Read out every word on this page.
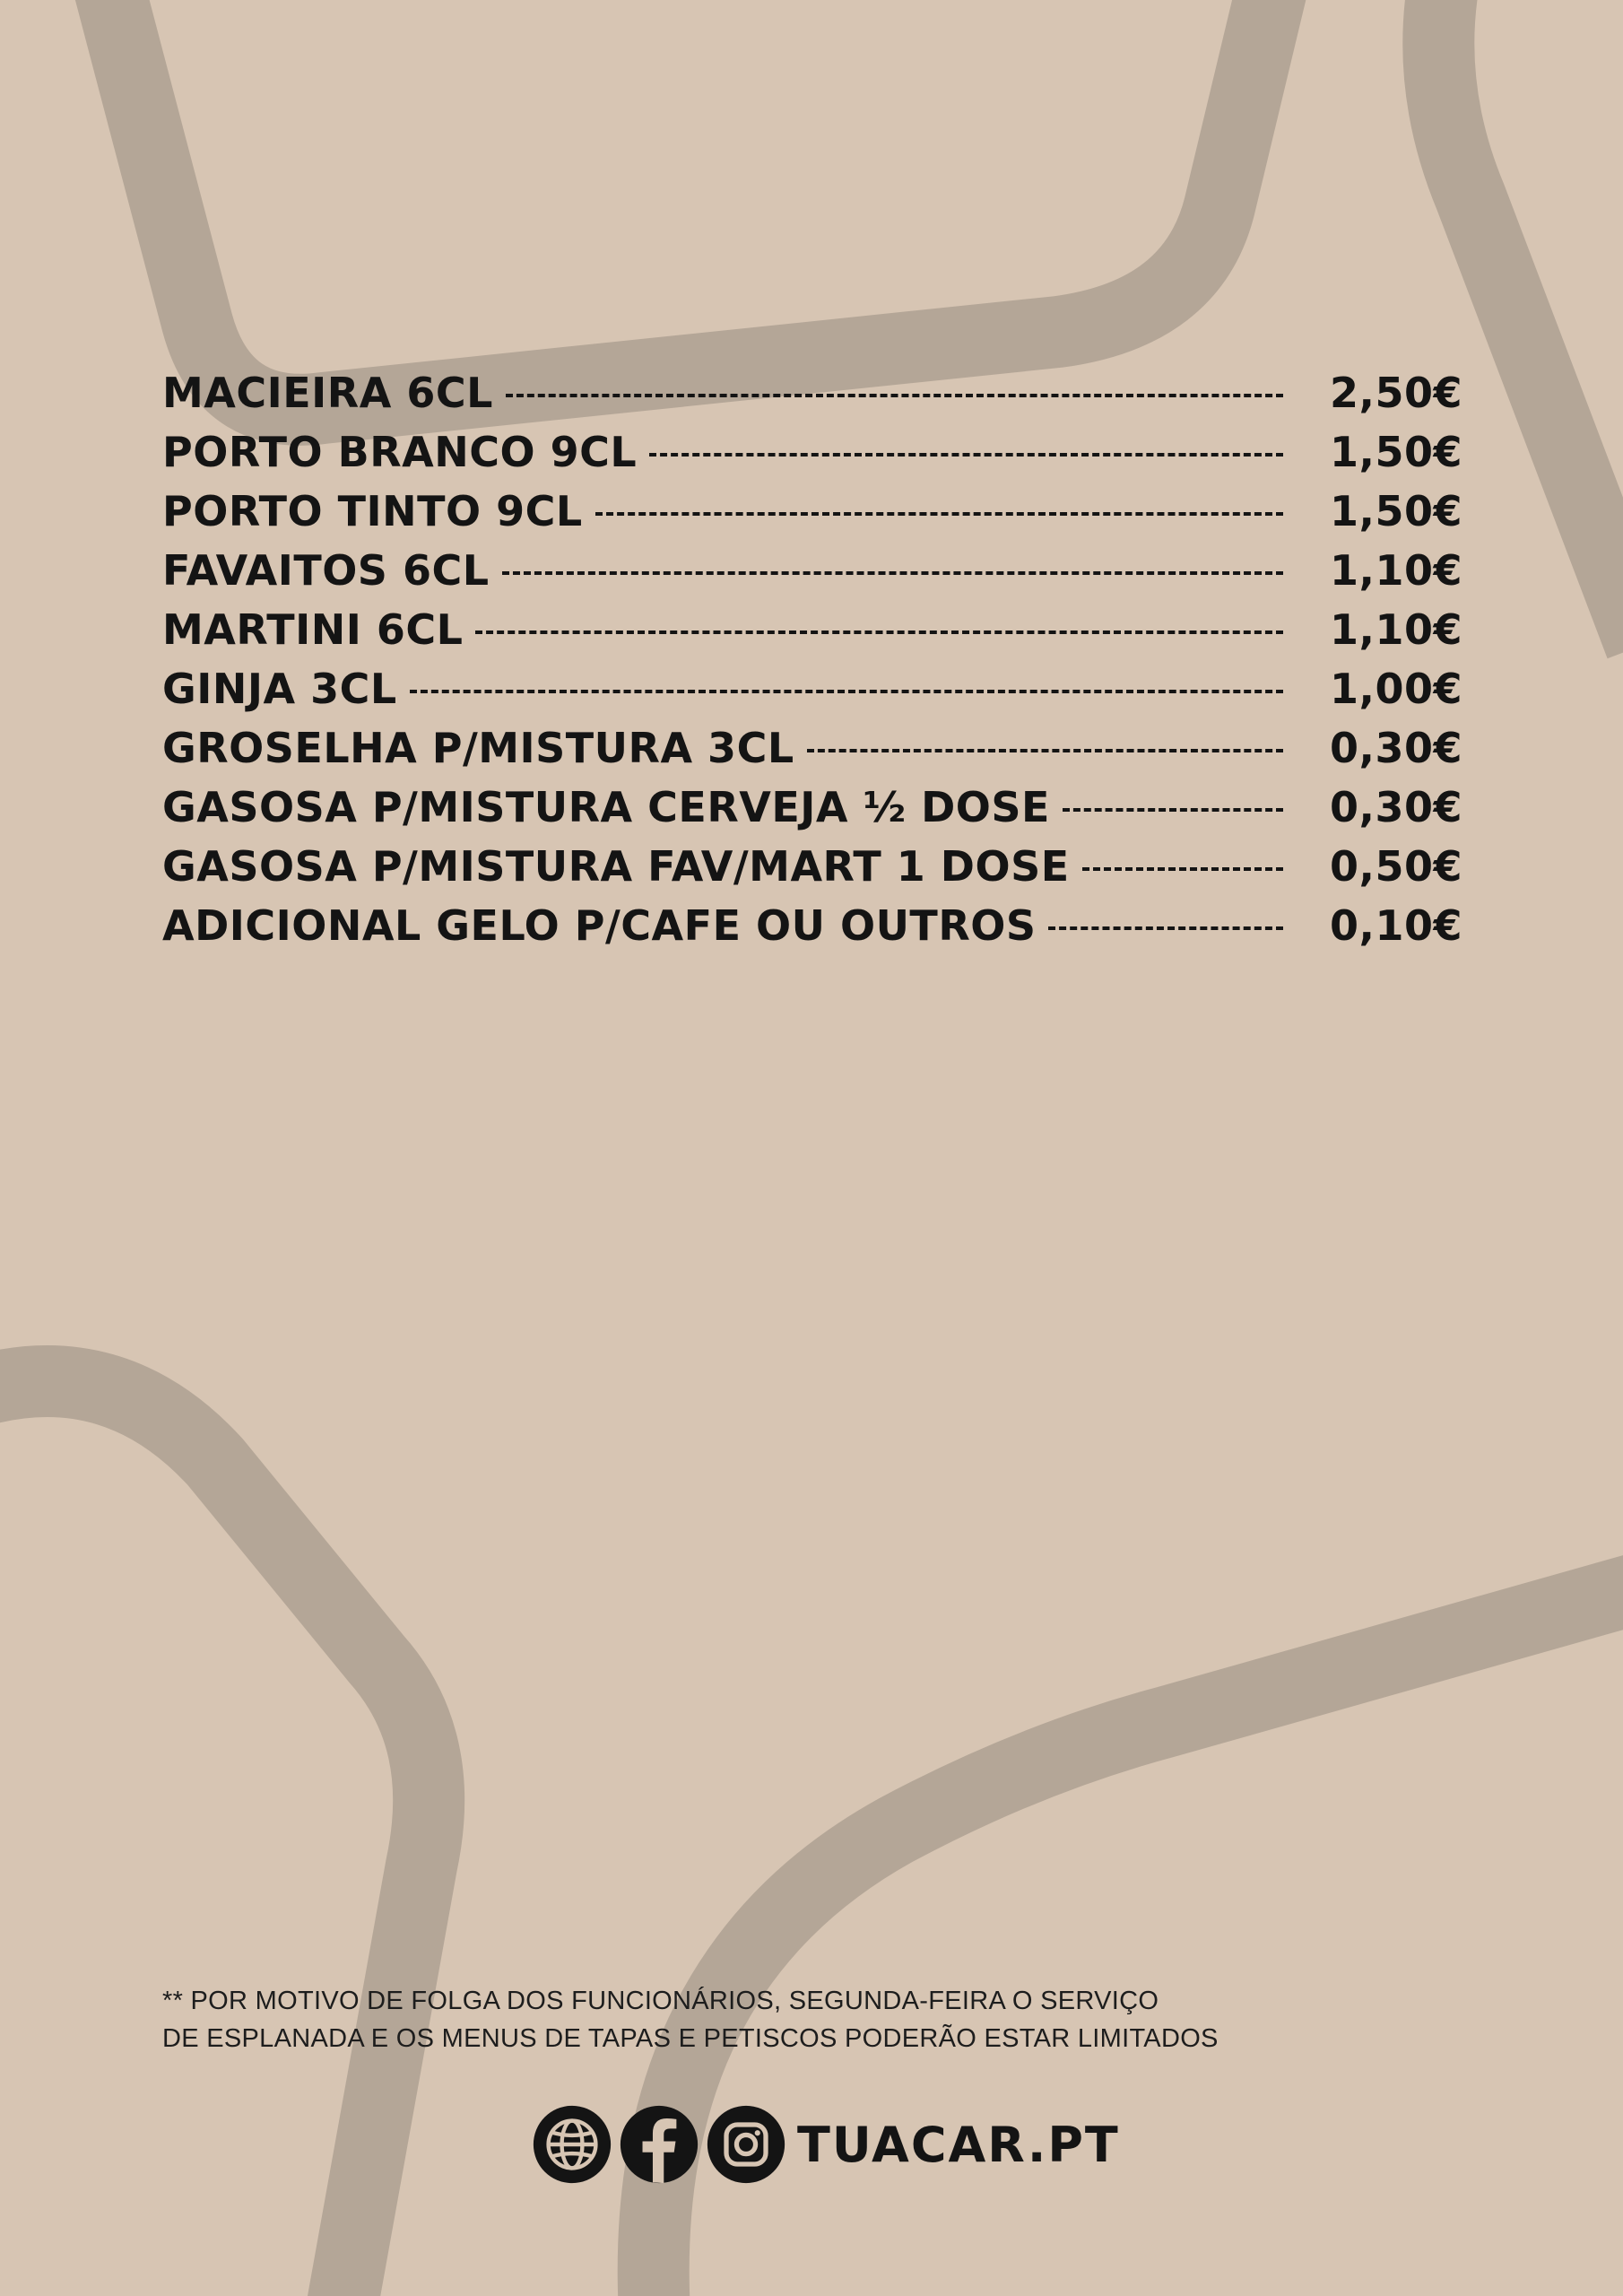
MACIEIRA 6CL	2,50€
PORTO BRANCO 9CL	1,50€
PORTO TINTO 9CL	1,50€
FAVAITOS 6CL	1,10€
MARTINI 6CL	1,10€
GINJA 3CL	1,00€
GROSELHA P/MISTURA 3CL	0,30€
GASOSA P/MISTURA CERVEJA ½ DOSE	0,30€
GASOSA P/MISTURA FAV/MART 1 DOSE	0,50€
ADICIONAL GELO P/CAFE OU OUTROS	0,10€
** POR MOTIVO DE FOLGA DOS FUNCIONÁRIOS, SEGUNDA-FEIRA O SERVIÇO
DE ESPLANADA E OS MENUS DE TAPAS E PETISCOS PODERÃO ESTAR LIMITADOS
TUACAR.PT
